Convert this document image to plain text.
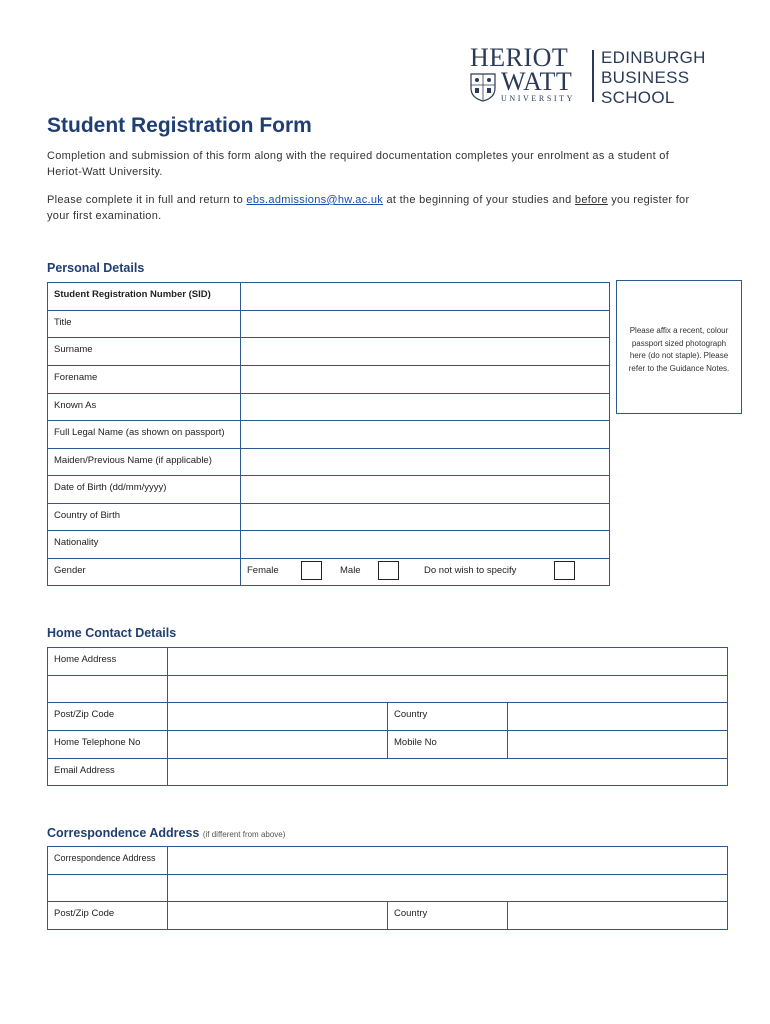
HERIOT
WATT
UNIVERSITY
EDINBURGH
BUSINESS
SCHOOL
Student Registration Form
Completion and submission of this form along with the required documentation completes your enrolment as a student of Heriot-Watt University.
Please complete it in full and return to ebs.admissions@hw.ac.uk at the beginning of your studies and before you register for your first examination.
Personal Details
Student Registration Number (SID)	
Title	
Surname	
Forename	
Known As	
Full Legal Name (as shown on passport)	
Maiden/Previous Name (if applicable)	
Date of Birth (dd/mm/yyyy)	
Country of Birth	
Nationality	
Gender	Female Male Do not wish to specify
Please affix a recent, colour passport sized photograph here (do not staple). Please refer to the Guidance Notes.
Home Contact Details
Home Address			

Post/Zip Code		Country	
Home Telephone No		Mobile No	
Email Address			
Correspondence Address (if different from above)
Correspondence Address			

Post/Zip Code		Country	
